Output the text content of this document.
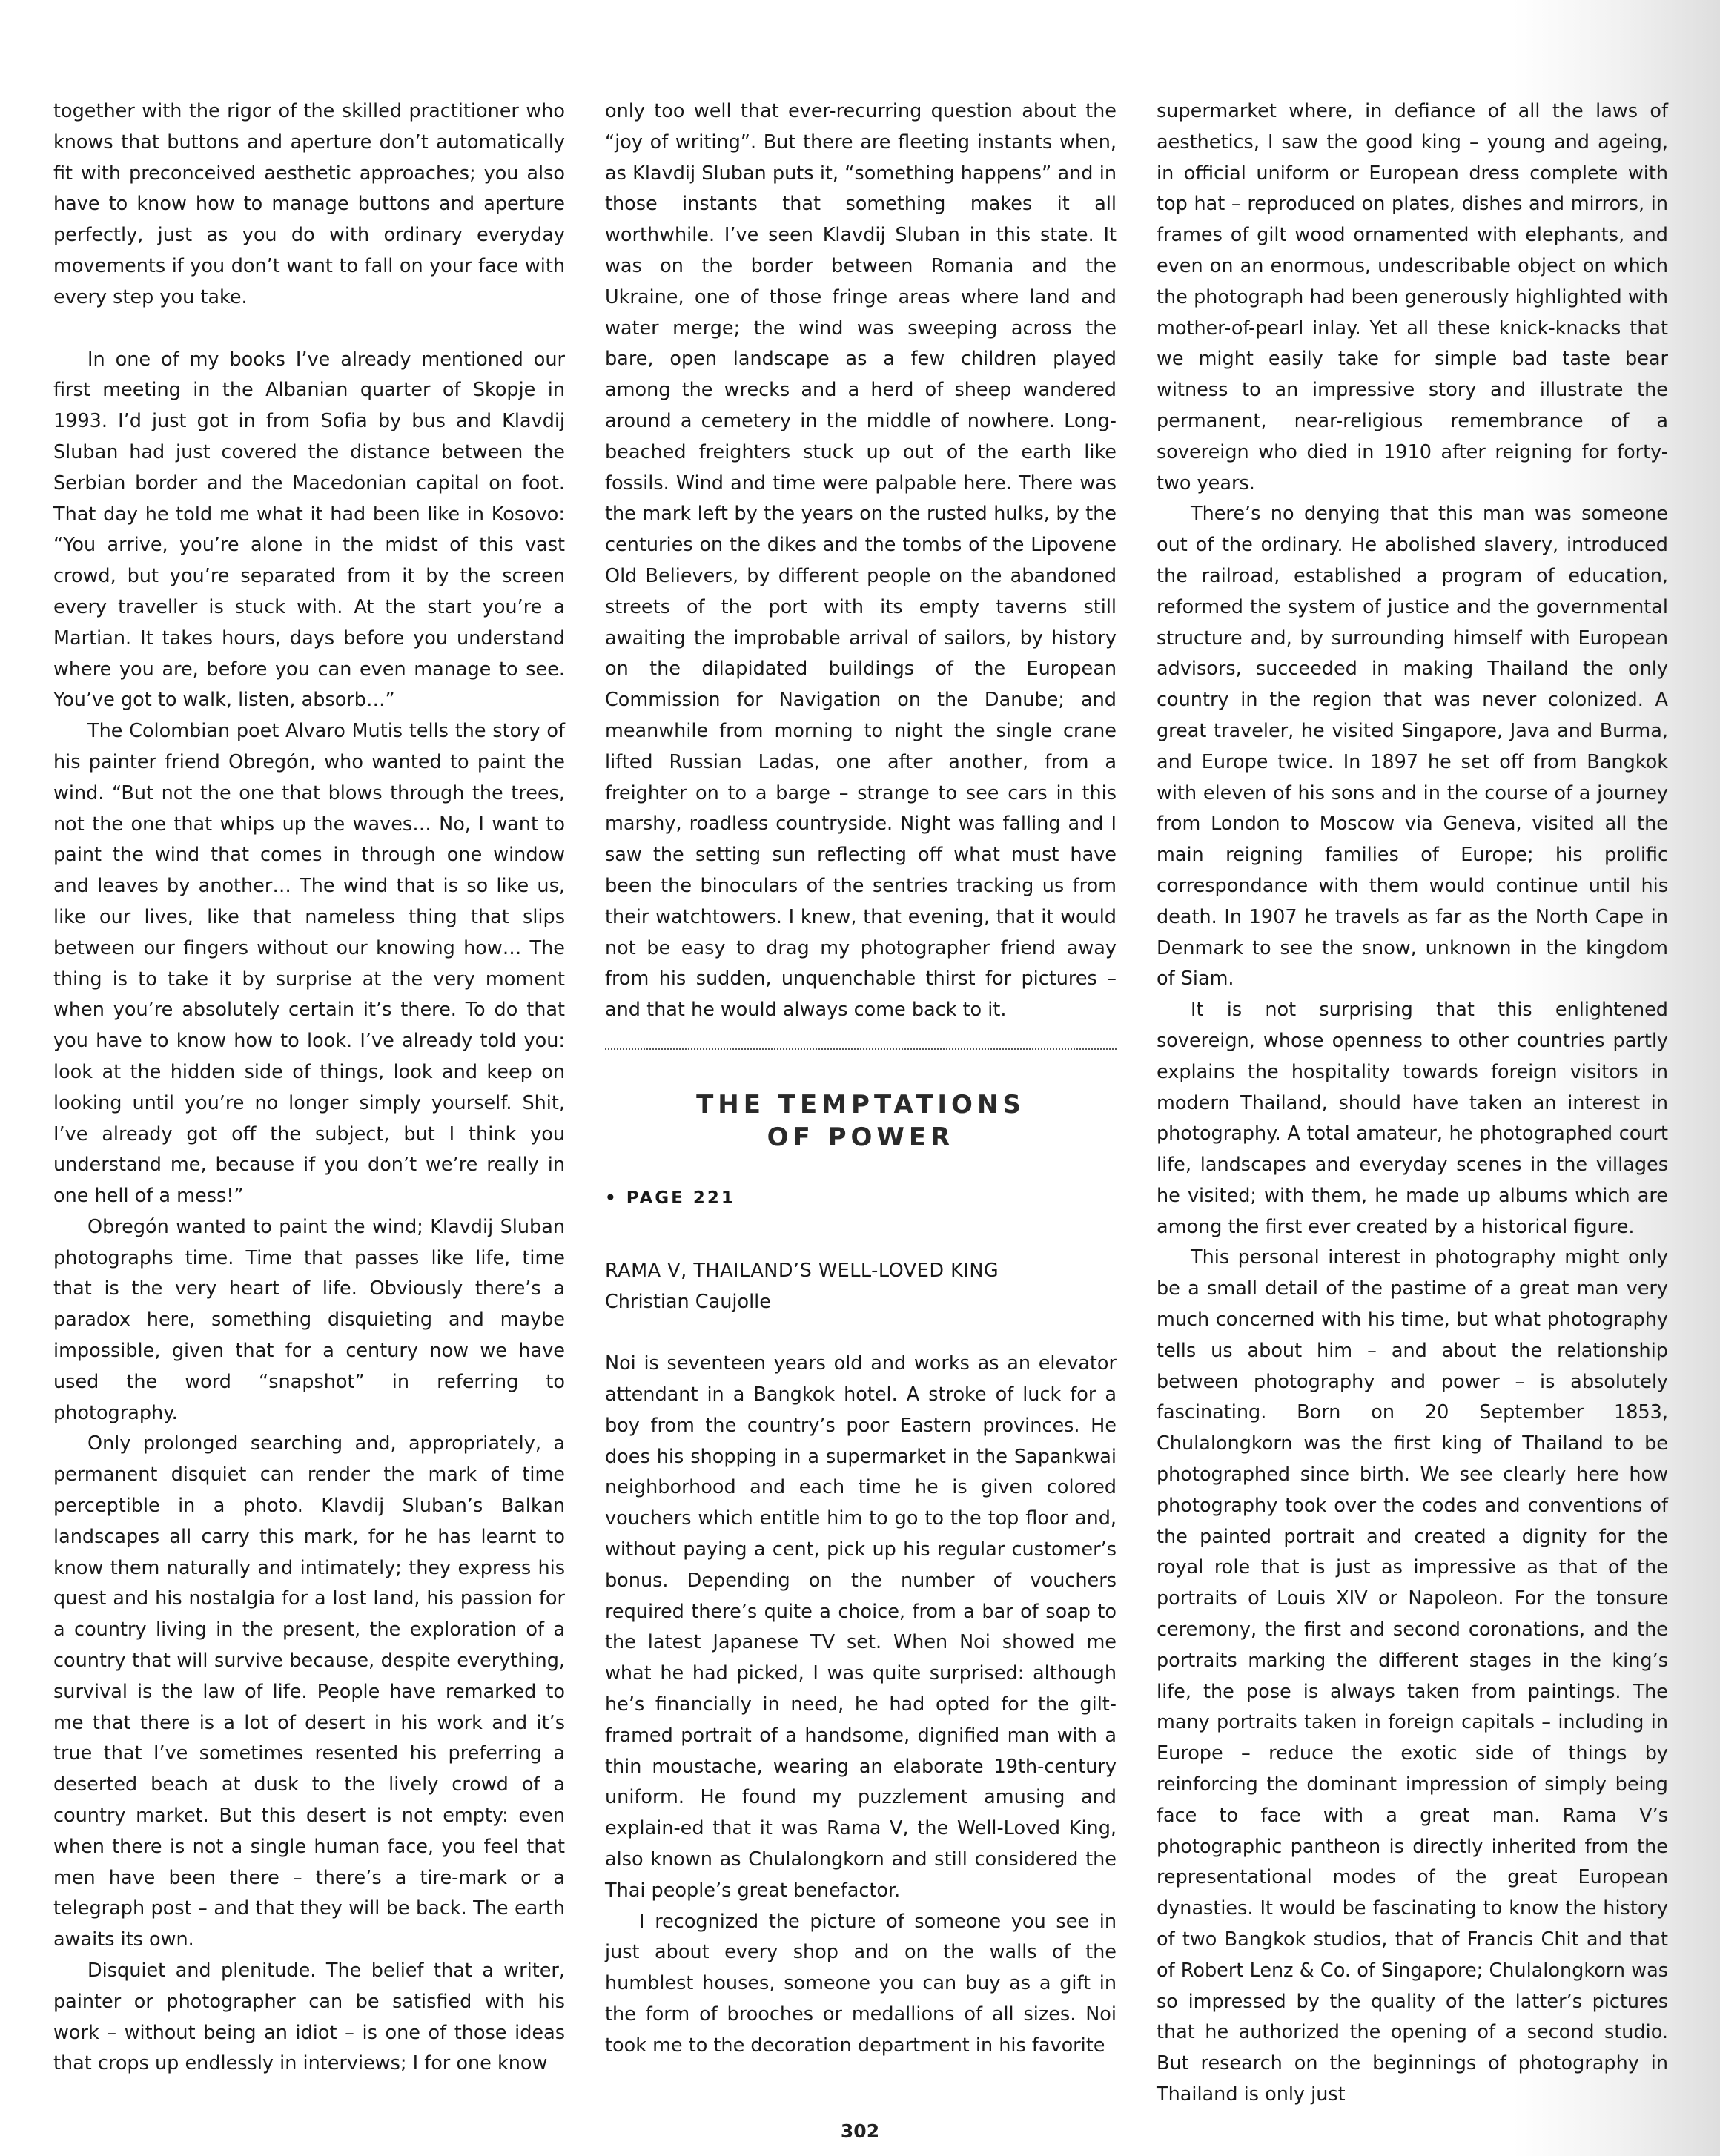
together with the rigor of the skilled practitioner who knows that buttons and aperture don’t automatically fit with preconceived aesthetic approaches; you also have to know how to manage buttons and aperture perfectly, just as you do with ordinary everyday movements if you don’t want to fall on your face with every step you take.

In one of my books I’ve already mentioned our first meeting in the Albanian quarter of Skopje in 1993. I’d just got in from Sofia by bus and Klavdij Sluban had just covered the distance between the Serbian border and the Macedonian capital on foot. That day he told me what it had been like in Kosovo: “You arrive, you’re alone in the midst of this vast crowd, but you’re separated from it by the screen every traveller is stuck with. At the start you’re a Martian. It takes hours, days before you understand where you are, before you can even manage to see. You’ve got to walk, listen, absorb…”

The Colombian poet Alvaro Mutis tells the story of his painter friend Obregón, who wanted to paint the wind. “But not the one that blows through the trees, not the one that whips up the waves… No, I want to paint the wind that comes in through one window and leaves by another… The wind that is so like us, like our lives, like that nameless thing that slips between our fingers without our knowing how… The thing is to take it by surprise at the very moment when you’re absolutely certain it’s there. To do that you have to know how to look. I’ve already told you: look at the hidden side of things, look and keep on looking until you’re no longer simply yourself. Shit, I’ve already got off the subject, but I think you understand me, because if you don’t we’re really in one hell of a mess!”

Obregón wanted to paint the wind; Klavdij Sluban photographs time. Time that passes like life, time that is the very heart of life. Obviously there’s a paradox here, something disquieting and maybe impossible, given that for a century now we have used the word “snapshot” in referring to photography.

Only prolonged searching and, appropriately, a permanent disquiet can render the mark of time perceptible in a photo. Klavdij Sluban’s Balkan landscapes all carry this mark, for he has learnt to know them naturally and intimately; they express his quest and his nostalgia for a lost land, his passion for a country living in the present, the exploration of a country that will survive because, despite everything, survival is the law of life. People have remarked to me that there is a lot of desert in his work and it’s true that I’ve sometimes resented his preferring a deserted beach at dusk to the lively crowd of a country market. But this desert is not empty: even when there is not a single human face, you feel that men have been there – there’s a tire-mark or a telegraph post – and that they will be back. The earth awaits its own.

Disquiet and plenitude. The belief that a writer, painter or photographer can be satisfied with his work – without being an idiot – is one of those ideas that crops up endlessly in interviews; I for one know

only too well that ever-recurring question about the “joy of writing”. But there are fleeting instants when, as Klavdij Sluban puts it, “something happens” and in those instants that something makes it all worthwhile. I’ve seen Klavdij Sluban in this state. It was on the border between Romania and the Ukraine, one of those fringe areas where land and water merge; the wind was sweeping across the bare, open landscape as a few children played among the wrecks and a herd of sheep wandered around a cemetery in the middle of nowhere. Long-beached freighters stuck up out of the earth like fossils. Wind and time were palpable here. There was the mark left by the years on the rusted hulks, by the centuries on the dikes and the tombs of the Lipovene Old Believers, by different people on the abandoned streets of the port with its empty taverns still awaiting the improbable arrival of sailors, by history on the dilapidated buildings of the European Commission for Navigation on the Danube; and meanwhile from morning to night the single crane lifted Russian Ladas, one after another, from a freighter on to a barge – strange to see cars in this marshy, roadless countryside. Night was falling and I saw the setting sun reflecting off what must have been the binoculars of the sentries tracking us from their watchtowers. I knew, that evening, that it would not be easy to drag my photographer friend away from his sudden, unquenchable thirst for pictures – and that he would always come back to it.

THE TEMPTATIONS
OF POWER
• PAGE 221
RAMA V, THAILAND’S WELL-LOVED KING
Christian Caujolle

Noi is seventeen years old and works as an elevator attendant in a Bangkok hotel. A stroke of luck for a boy from the country’s poor Eastern provinces. He does his shopping in a supermarket in the Sapankwai neighborhood and each time he is given colored vouchers which entitle him to go to the top floor and, without paying a cent, pick up his regular customer’s bonus. Depending on the number of vouchers required there’s quite a choice, from a bar of soap to the latest Japanese TV set. When Noi showed me what he had picked, I was quite surprised: although he’s financially in need, he had opted for the gilt-framed portrait of a handsome, dignified man with a thin moustache, wearing an elaborate 19th-century uniform. He found my puzzlement amusing and explain-ed that it was Rama V, the Well-Loved King, also known as Chulalongkorn and still considered the Thai people’s great benefactor.

I recognized the picture of someone you see in just about every shop and on the walls of the humblest houses, someone you can buy as a gift in the form of brooches or medallions of all sizes. Noi took me to the decoration department in his favorite

supermarket where, in defiance of all the laws of aesthetics, I saw the good king – young and ageing, in official uniform or European dress complete with top hat – reproduced on plates, dishes and mirrors, in frames of gilt wood ornamented with elephants, and even on an enormous, undescribable object on which the photograph had been generously highlighted with mother-of-pearl inlay. Yet all these knick-knacks that we might easily take for simple bad taste bear witness to an impressive story and illustrate the permanent, near-religious remembrance of a sovereign who died in 1910 after reigning for forty-two years.

There’s no denying that this man was someone out of the ordinary. He abolished slavery, introduced the railroad, established a program of education, reformed the system of justice and the governmental structure and, by surrounding himself with European advisors, succeeded in making Thailand the only country in the region that was never colonized. A great traveler, he visited Singapore, Java and Burma, and Europe twice. In 1897 he set off from Bangkok with eleven of his sons and in the course of a journey from London to Moscow via Geneva, visited all the main reigning families of Europe; his prolific correspondance with them would continue until his death. In 1907 he travels as far as the North Cape in Denmark to see the snow, unknown in the kingdom of Siam.

It is not surprising that this enlightened sovereign, whose openness to other countries partly explains the hospitality towards foreign visitors in modern Thailand, should have taken an interest in photography. A total amateur, he photographed court life, landscapes and everyday scenes in the villages he visited; with them, he made up albums which are among the first ever created by a historical figure.

This personal interest in photography might only be a small detail of the pastime of a great man very much concerned with his time, but what photography tells us about him – and about the relationship between photography and power – is absolutely fascinating. Born on 20 September 1853, Chulalongkorn was the first king of Thailand to be photographed since birth. We see clearly here how photography took over the codes and conventions of the painted portrait and created a dignity for the royal role that is just as impressive as that of the portraits of Louis XIV or Napoleon. For the tonsure ceremony, the first and second coronations, and the portraits marking the different stages in the king’s life, the pose is always taken from paintings. The many portraits taken in foreign capitals – including in Europe – reduce the exotic side of things by reinforcing the dominant impression of simply being face to face with a great man. Rama V’s photographic pantheon is directly inherited from the representational modes of the great European dynasties. It would be fascinating to know the history of two Bangkok studios, that of Francis Chit and that of Robert Lenz & Co. of Singapore; Chulalongkorn was so impressed by the quality of the latter’s pictures that he authorized the opening of a second studio. But research on the beginnings of photography in Thailand is only just

302
